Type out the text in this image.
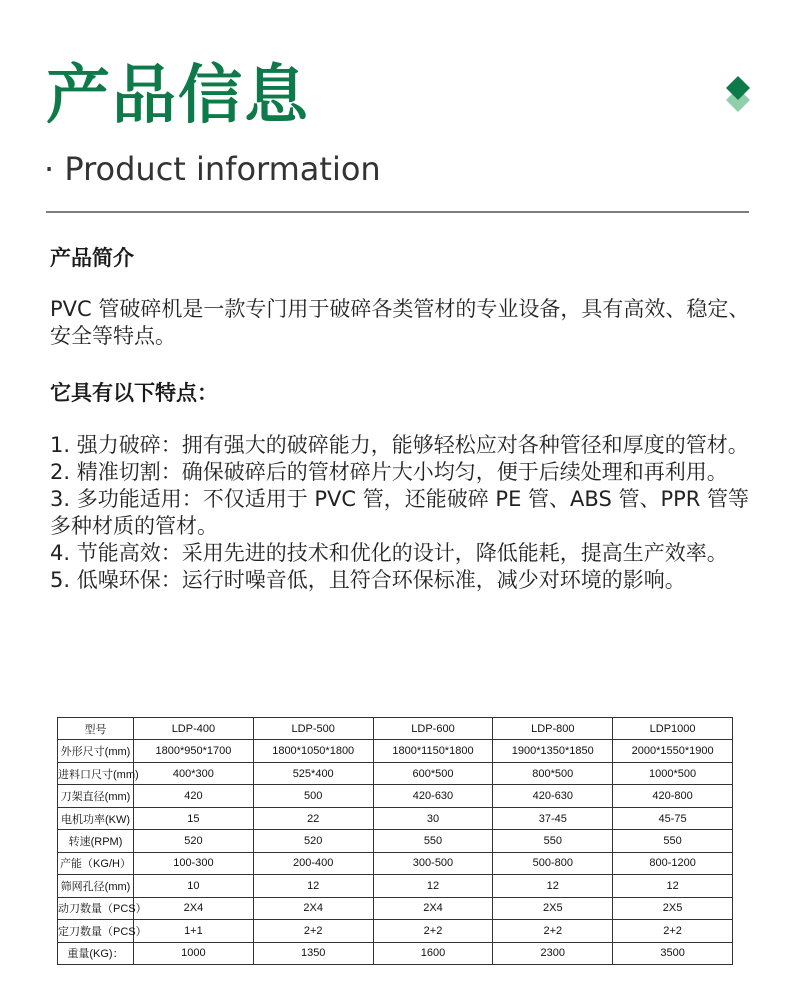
产品信息
· Product information
产品简介
PVC 管破碎机是一款专门用于破碎各类管材的专业设备，具有高效、稳定、安全等特点。
它具有以下特点：
1. 强力破碎：拥有强大的破碎能力，能够轻松应对各种管径和厚度的管材。
2. 精准切割：确保破碎后的管材碎片大小均匀，便于后续处理和再利用。
3. 多功能适用：不仅适用于 PVC 管，还能破碎 PE 管、ABS 管、PPR 管等多种材质的管材。
4. 节能高效：采用先进的技术和优化的设计，降低能耗，提高生产效率。
5. 低噪环保：运行时噪音低，且符合环保标准，减少对环境的影响。
型号	LDP-400	LDP-500	LDP-600	LDP-800	LDP1000
外形尺寸(mm)	1800*950*1700	1800*1050*1800	1800*1150*1800	1900*1350*1850	2000*1550*1900
进料口尺寸(mm)	400*300	525*400	600*500	800*500	1000*500
刀架直径(mm)	420	500	420-630	420-630	420-800
电机功率(KW)	15	22	30	37-45	45-75
转速(RPM)	520	520	550	550	550
产能（KG/H）	100-300	200-400	300-500	500-800	800-1200
筛网孔径(mm)	10	12	12	12	12
动刀数量（PCS）	2X4	2X4	2X4	2X5	2X5
定刀数量（PCS）	1+1	2+2	2+2	2+2	2+2
重量(KG)：	1000	1350	1600	2300	3500
